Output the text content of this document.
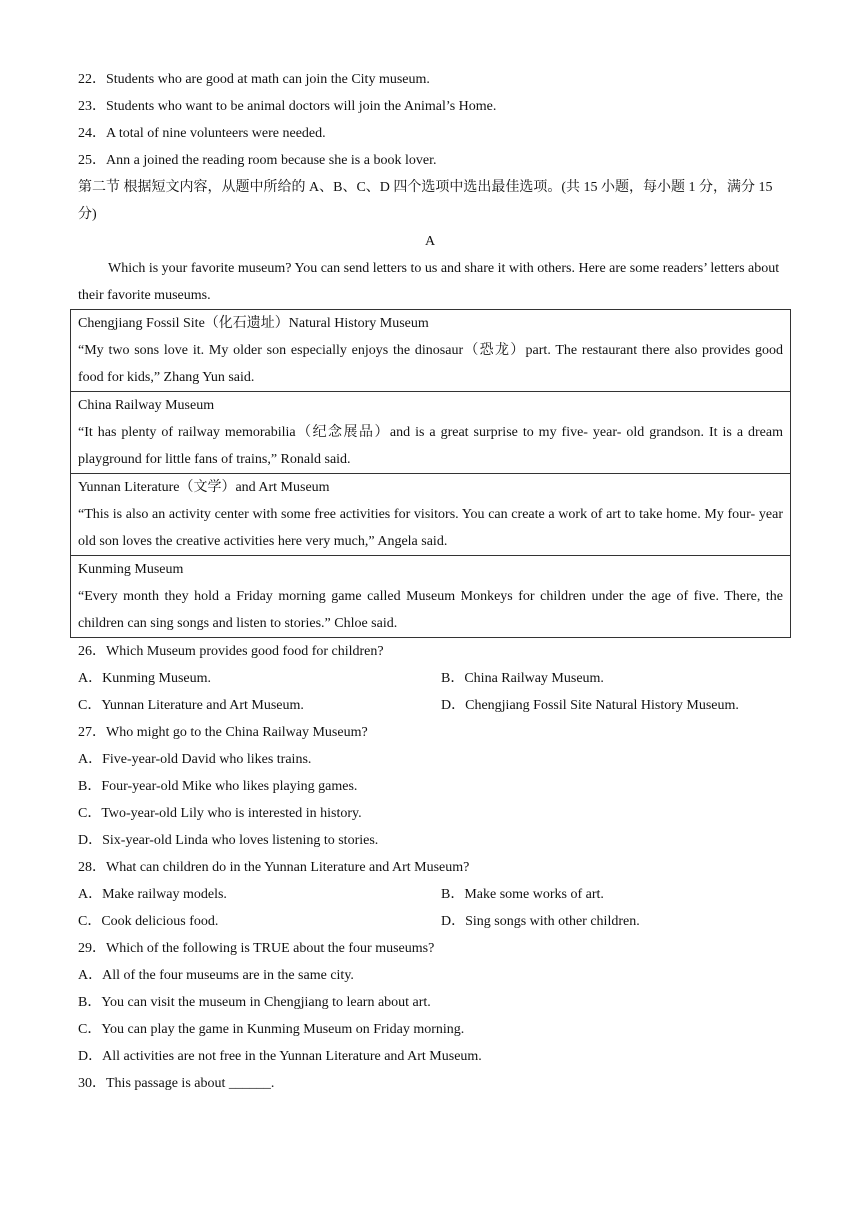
22．Students who are good at math can join the City museum.
23．Students who want to be animal doctors will join the Animal’s Home.
24．A total of nine volunteers were needed.
25．Ann a joined the reading room because she is a book lover.
第二节 根据短文内容，从题中所给的 A、B、C、D 四个选项中选出最佳选项。(共 15 小题，每小题 1 分，满分 15 分)
A
Which is your favorite museum? You can send letters to us and share it with others. Here are some readers’ letters about their favorite museums.
Chengjiang Fossil Site（化石遗址）Natural History Museum
“My two sons love it. My older son especially enjoys the dinosaur（恐龙）part. The restaurant there also provides good food for kids,” Zhang Yun said.

China Railway Museum
“It has plenty of railway memorabilia（纪念展品）and is a great surprise to my five- year- old grandson. It is a dream playground for little fans of trains,” Ronald said.

Yunnan Literature（文学）and Art Museum
“This is also an activity center with some free activities for visitors. You can create a work of art to take home. My four- year old son loves the creative activities here very much,” Angela said.

Kunming Museum
“Every month they hold a Friday morning game called Museum Monkeys for children under the age of five. There, the children can sing songs and listen to stories.” Chloe said.
26．Which Museum provides good food for children?
A．Kunming Museum.	B．China Railway Museum.
C．Yunnan Literature and Art Museum.	D．Chengjiang Fossil Site Natural History Museum.
27．Who might go to the China Railway Museum?
A．Five-year-old David who likes trains.
B．Four-year-old Mike who likes playing games.
C．Two-year-old Lily who is interested in history.
D．Six-year-old Linda who loves listening to stories.
28．What can children do in the Yunnan Literature and Art Museum?
A．Make railway models.	B．Make some works of art.
C．Cook delicious food.	D．Sing songs with other children.
29．Which of the following is TRUE about the four museums?
A．All of the four museums are in the same city.
B．You can visit the museum in Chengjiang to learn about art.
C．You can play the game in Kunming Museum on Friday morning.
D．All activities are not free in the Yunnan Literature and Art Museum.
30．This passage is about ______.
